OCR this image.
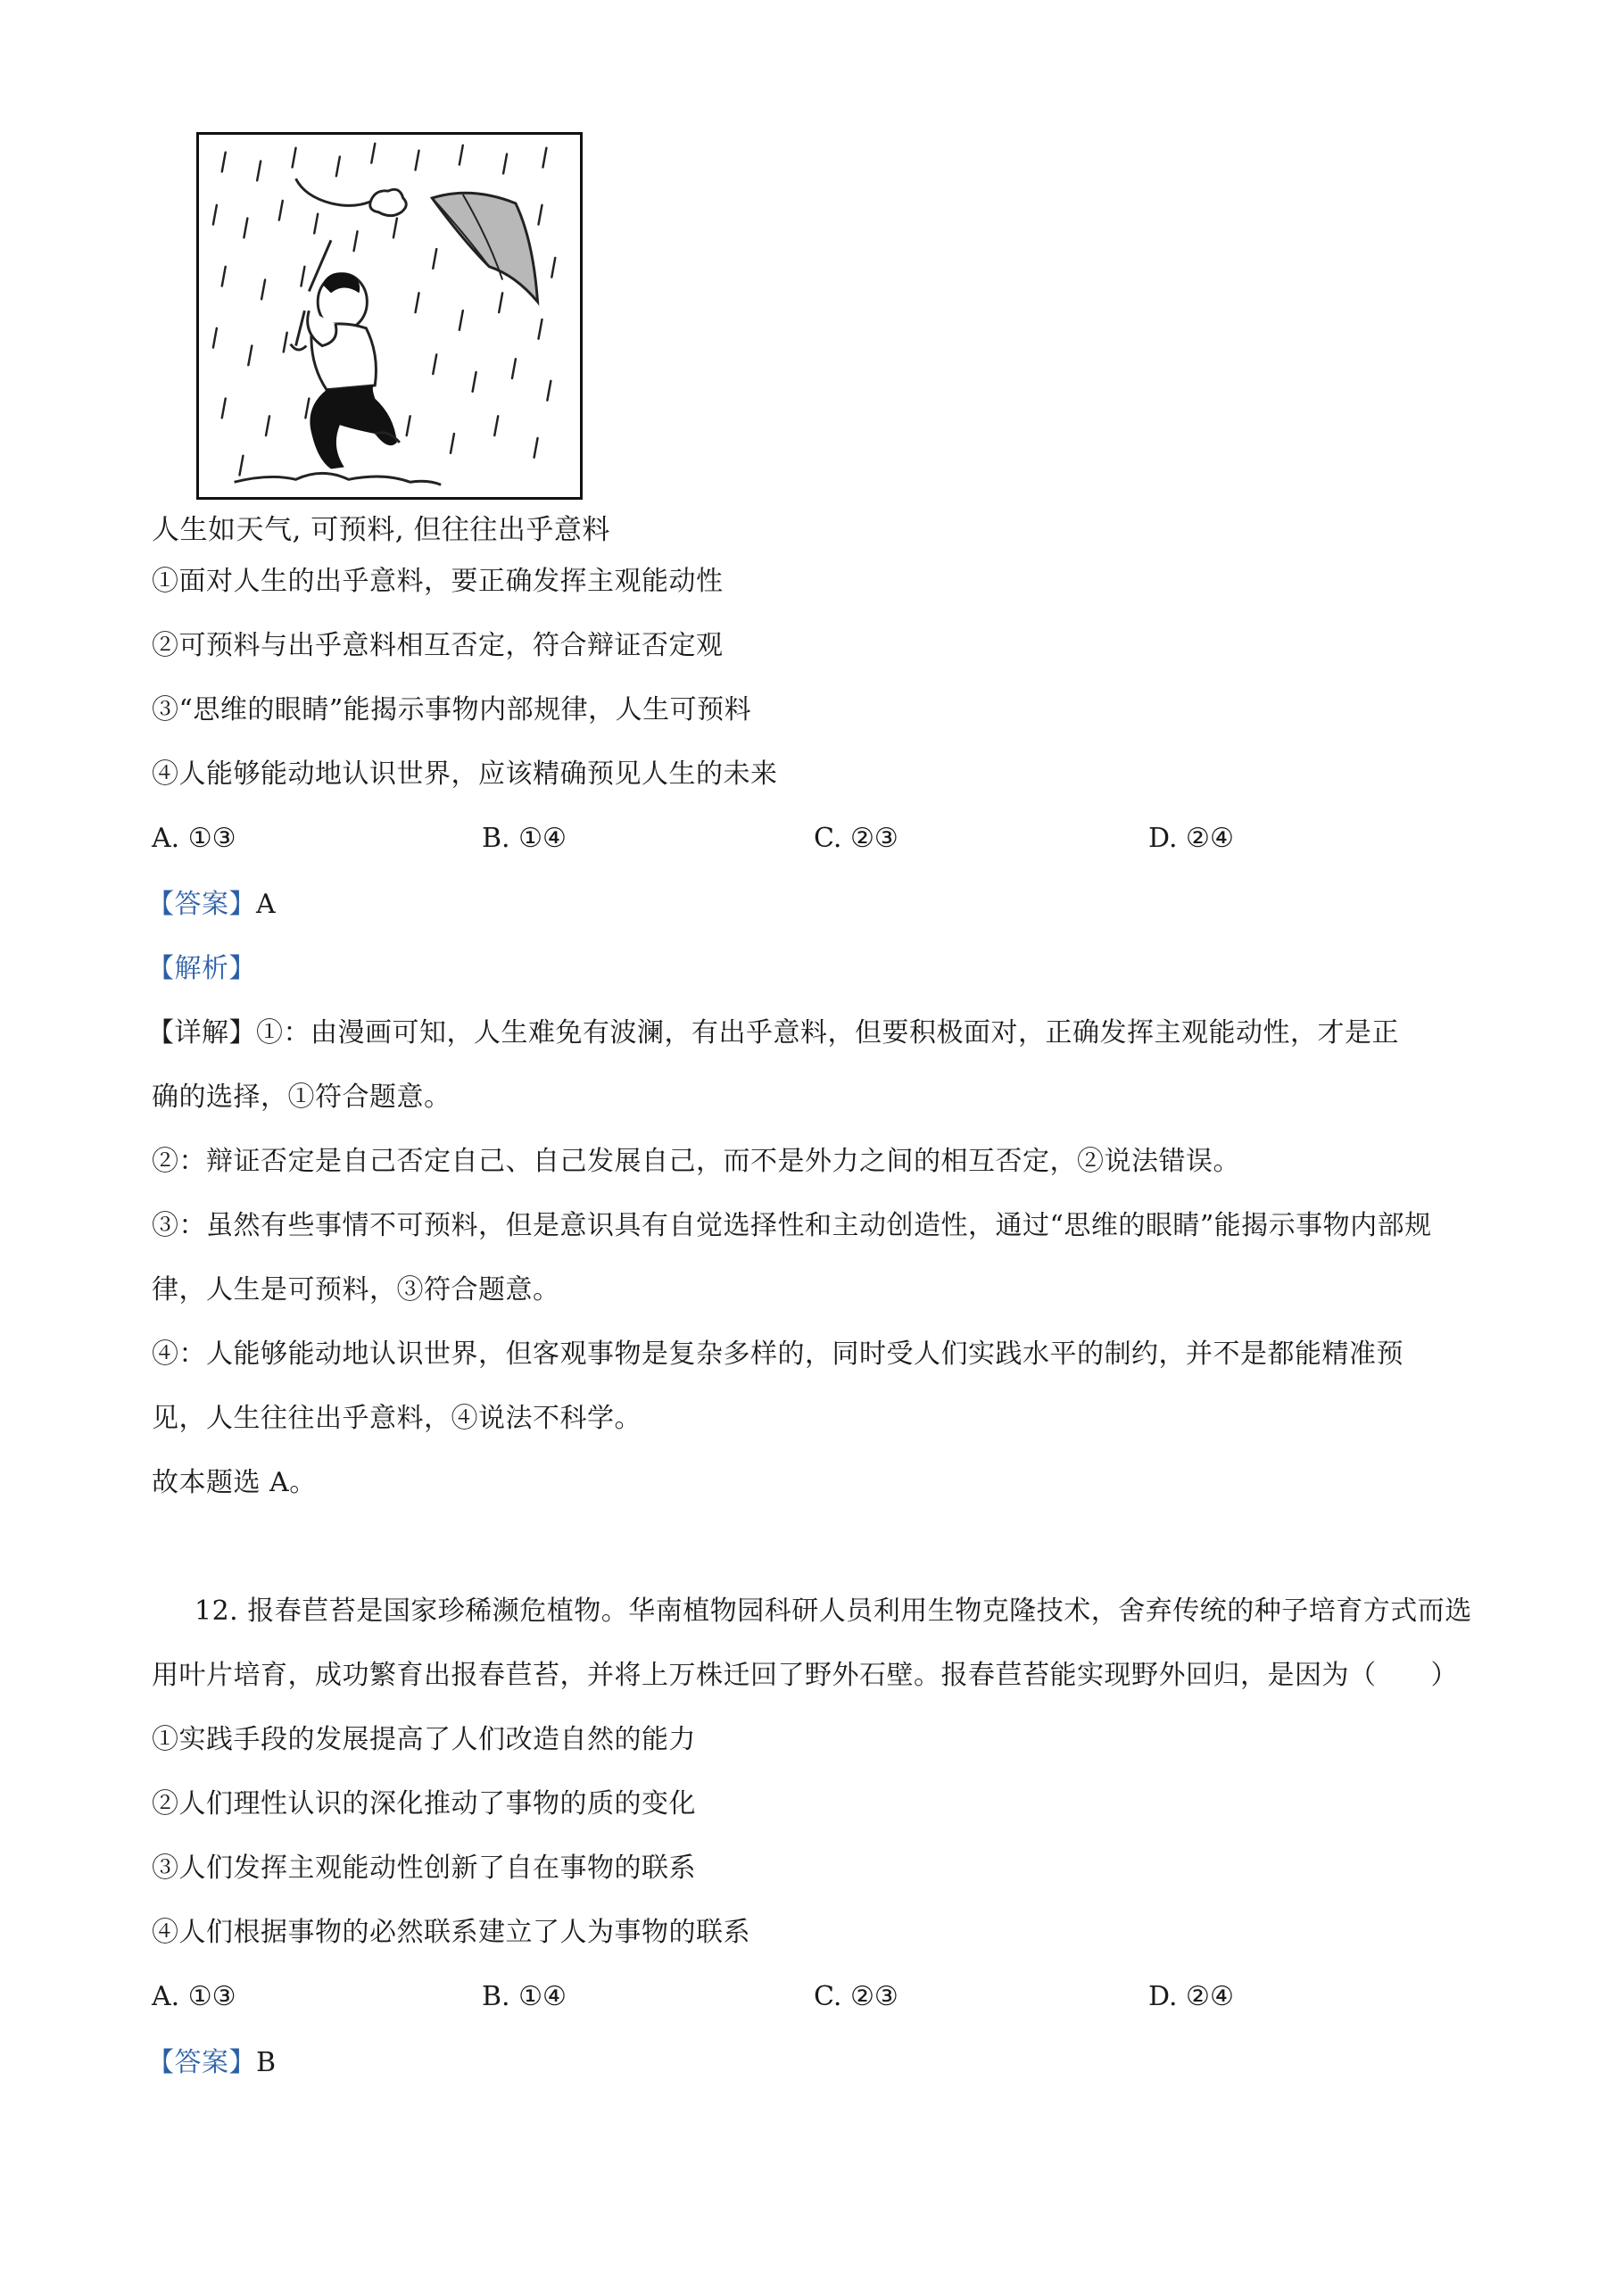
人生如天气, 可预料, 但往往出乎意料
①面对人生的出乎意料，要正确发挥主观能动性
②可预料与出乎意料相互否定，符合辩证否定观
③“思维的眼睛”能揭示事物内部规律，人生可预料
④人能够能动地认识世界，应该精确预见人生的未来
A. ①③	B. ①④	C. ②③	D. ②④
【答案】A
【解析】
【详解】①：由漫画可知，人生难免有波澜，有出乎意料，但要积极面对，正确发挥主观能动性，才是正
确的选择，①符合题意。
②：辩证否定是自己否定自己、自己发展自己，而不是外力之间的相互否定，②说法错误。
③：虽然有些事情不可预料，但是意识具有自觉选择性和主动创造性，通过“思维的眼睛”能揭示事物内部规
律，人生是可预料，③符合题意。
④：人能够能动地认识世界，但客观事物是复杂多样的，同时受人们实践水平的制约，并不是都能精准预
见，人生往往出乎意料，④说法不科学。
故本题选 A。
12. 报春苣苔是国家珍稀濒危植物。华南植物园科研人员利用生物克隆技术，舍弃传统的种子培育方式而选
用叶片培育，成功繁育出报春苣苔，并将上万株迁回了野外石壁。报春苣苔能实现野外回归，是因为（　　）
①实践手段的发展提高了人们改造自然的能力
②人们理性认识的深化推动了事物的质的变化
③人们发挥主观能动性创新了自在事物的联系
④人们根据事物的必然联系建立了人为事物的联系
A. ①③	B. ①④	C. ②③	D. ②④
【答案】B
